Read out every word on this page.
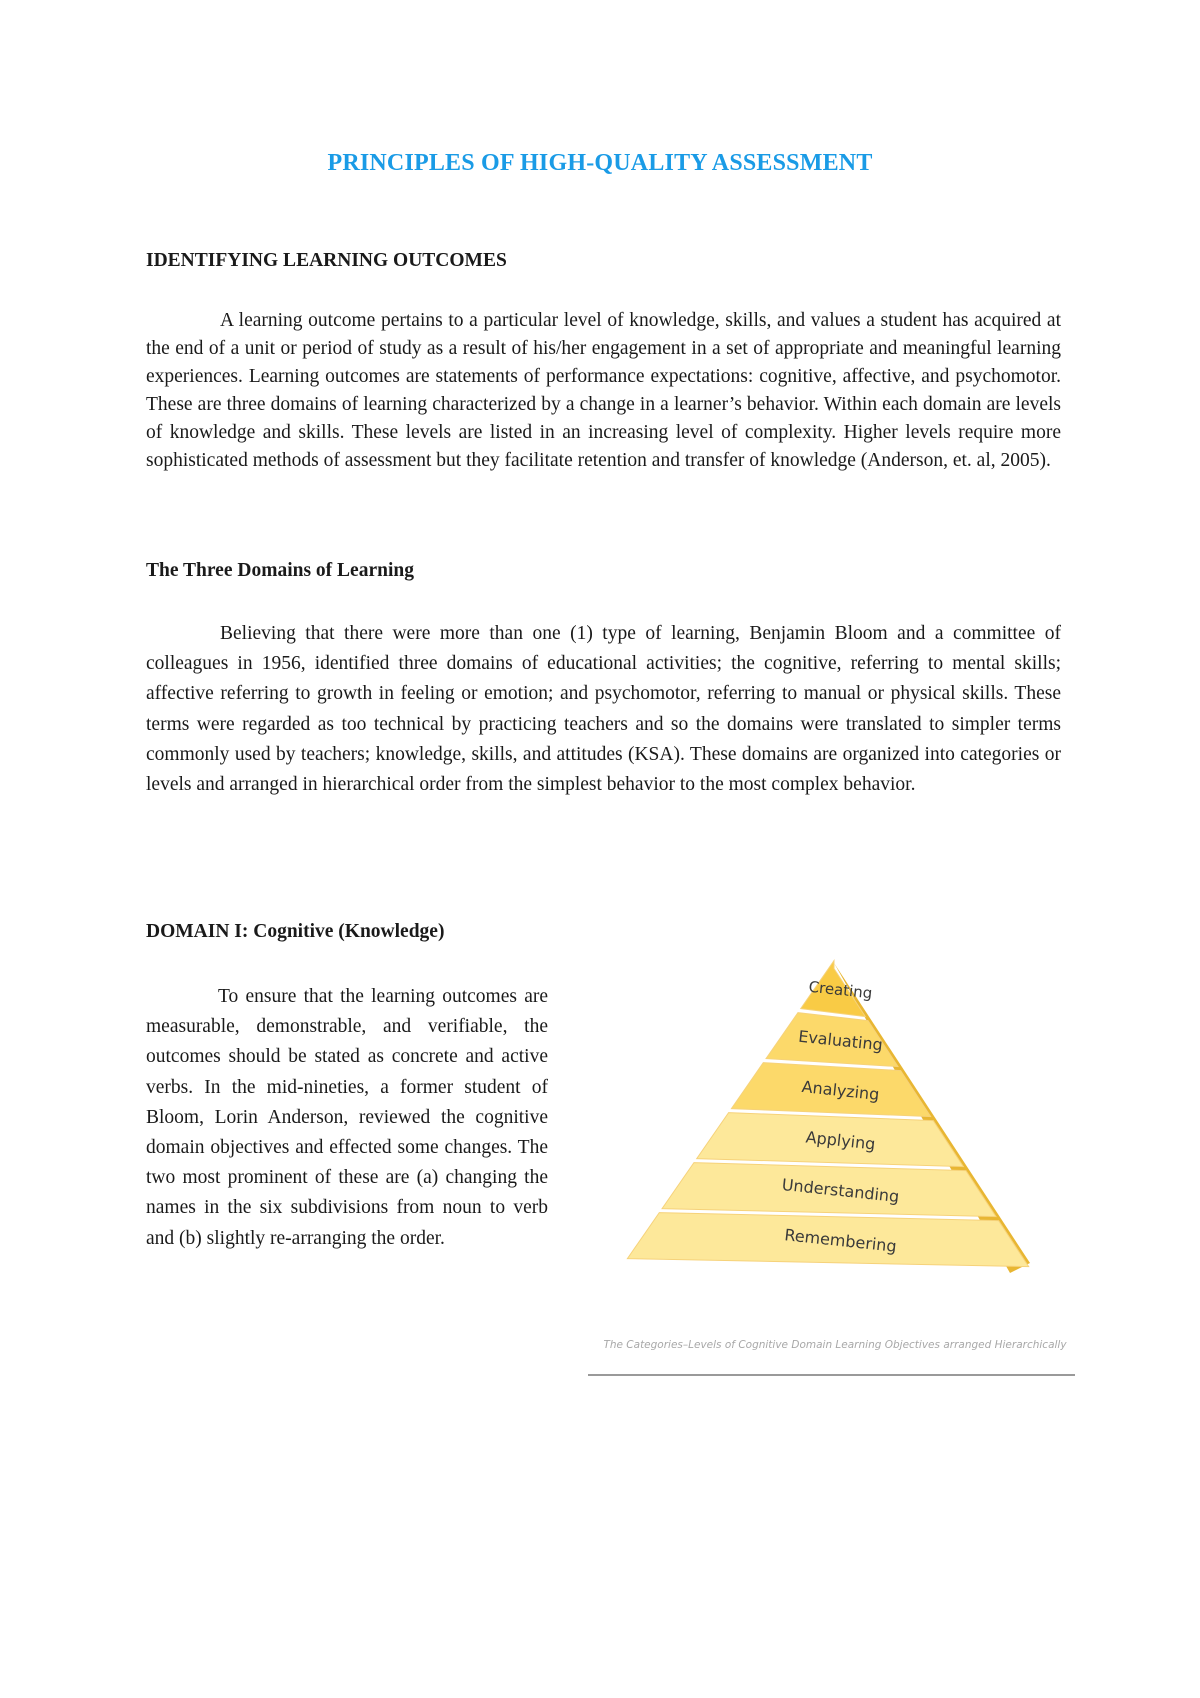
PRINCIPLES OF HIGH-QUALITY ASSESSMENT
IDENTIFYING LEARNING OUTCOMES

A learning outcome pertains to a particular level of knowledge, skills, and values a student has acquired at the end of a unit or period of study as a result of his/her engagement in a set of appropriate and meaningful learning experiences. Learning outcomes are statements of performance expectations: cognitive, affective, and psychomotor. These are three domains of learning characterized by a change in a learner’s behavior. Within each domain are levels of knowledge and skills. These levels are listed in an increasing level of complexity. Higher levels require more sophisticated methods of assessment but they facilitate retention and transfer of knowledge (Anderson, et. al, 2005).

The Three Domains of Learning

Believing that there were more than one (1) type of learning, Benjamin Bloom and a committee of colleagues in 1956, identified three domains of educational activities; the cognitive, referring to mental skills; affective referring to growth in feeling or emotion; and psychomotor, referring to manual or physical skills. These terms were regarded as too technical by practicing teachers and so the domains were translated to simpler terms commonly used by teachers; knowledge, skills, and attitudes (KSA). These domains are organized into categories or levels and arranged in hierarchical order from the simplest behavior to the most complex behavior.

DOMAIN I: Cognitive (Knowledge)

To ensure that the learning outcomes are measurable, demonstrable, and verifiable, the outcomes should be stated as concrete and active verbs. In the mid-nineties, a former student of Bloom, Lorin Anderson, reviewed the cognitive domain objectives and effected some changes. The two most prominent of these are (a) changing the names in the six subdivisions from noun to verb and (b) slightly re-arranging the order.

Creating
Evaluating
Analyzing
Applying
Understanding
Remembering

The Categories–Levels of Cognitive Domain Learning Objectives arranged Hierarchically
